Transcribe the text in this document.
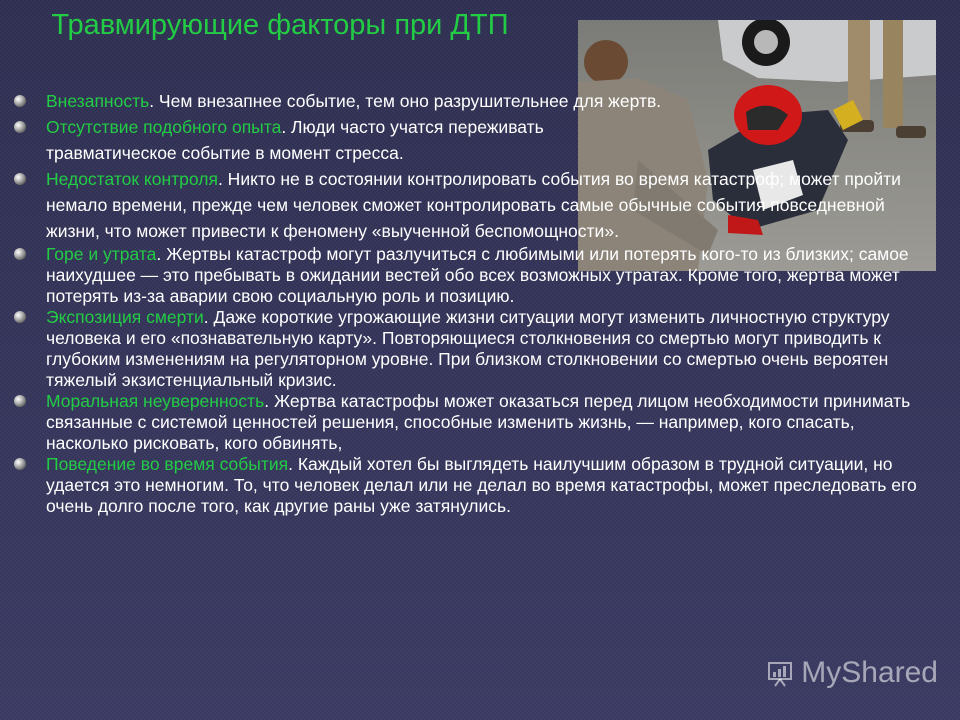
Травмирующие факторы при ДТП
Внезапность. Чем внезапнее событие, тем оно разрушительнее для жертв.
Отсутствие подобного опыта. Люди часто учатся переживать травматическое событие в момент стресса.
Недостаток контроля. Никто не в состоянии контролировать события во время катастроф; может пройти немало времени, прежде чем человек сможет контролировать самые обычные события повседневной жизни, что может привести к феномену «выученной беспомощности».
Горе и утрата. Жертвы катастроф могут разлучиться с любимыми или потерять кого-то из близких; самое наихудшее — это пребывать в ожидании вестей обо всех возможных утратах. Кроме того, жертва может потерять из-за аварии свою социальную роль и позицию.
Экспозиция смерти. Даже короткие угрожающие жизни ситуации могут изменить личностную структуру человека и его «познавательную карту». Повторяющиеся столкновения со смертью могут приводить к глубоким изменениям на регуляторном уровне. При близком столкновении со смертью очень вероятен тяжелый экзистенциальный кризис.
Моральная неуверенность. Жертва катастрофы может оказаться перед лицом необходимости принимать связанные с системой ценностей решения, способные изменить жизнь, — например, кого спасать, насколько рисковать, кого обвинять,
Поведение во время события. Каждый хотел бы выглядеть наилучшим образом в трудной ситуации, но удается это немногим. То, что человек делал или не делал во время катастрофы, может преследовать его очень долго после того, как другие раны уже затянулись.
MyShared
